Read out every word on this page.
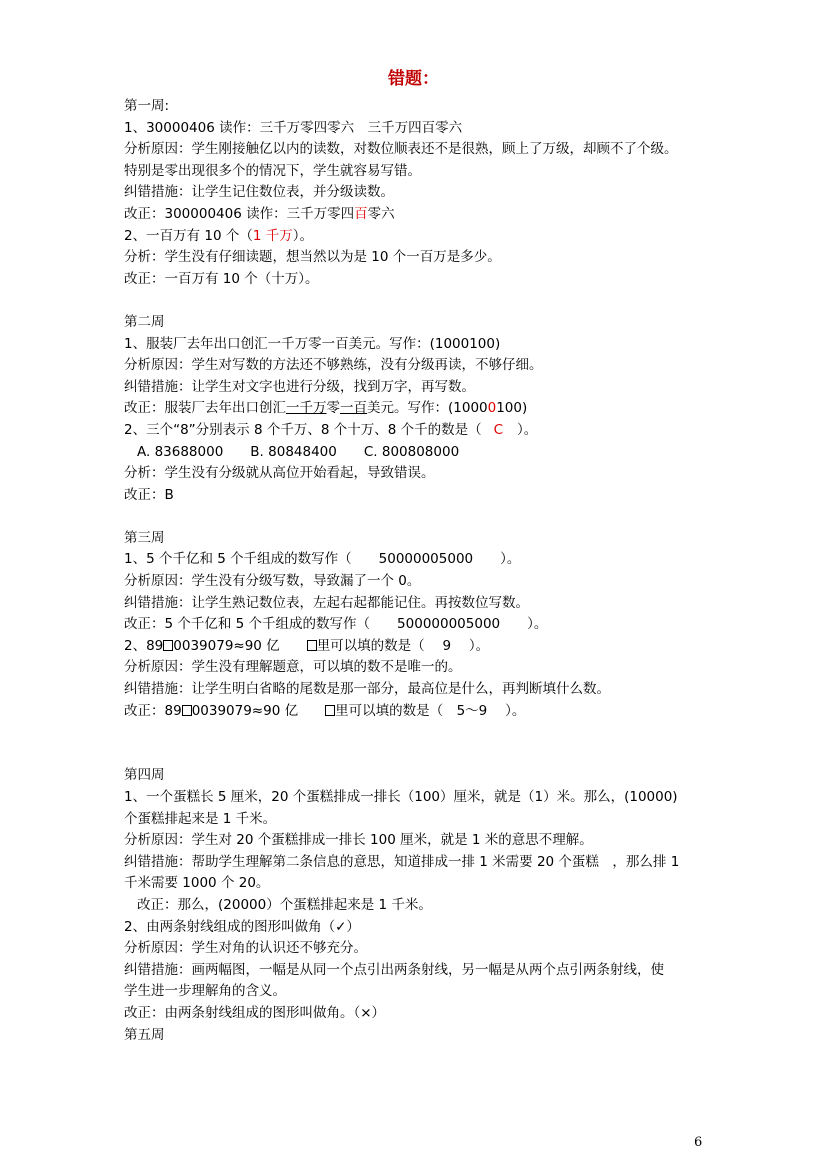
错题：
第一周:
1、30000406 读作：三千万零四零六　三千万四百零六
分析原因：学生刚接触亿以内的读数，对数位顺表还不是很熟，顾上了万级，却顾不了个级。
特别是零出现很多个的情况下，学生就容易写错。
纠错措施：让学生记住数位表，并分级读数。
改正：300000406 读作：三千万零四百零六
2、一百万有 10 个（1 千万）。
分析：学生没有仔细读题，想当然以为是 10 个一百万是多少。
改正：一百万有 10 个（十万）。
第二周
1、服装厂去年出口创汇一千万零一百美元。写作：(1000100)
分析原因：学生对写数的方法还不够熟练，没有分级再读，不够仔细。
纠错措施：让学生对文字也进行分级，找到万字，再写数。
改正：服装厂去年出口创汇一千万零一百美元。写作：(10000100)
2、三个“8”分别表示 8 个千万、8 个十万、8 个千的数是（ C ）。
A. 83688000　　B. 80848400　　C. 800808000
分析：学生没有分级就从高位开始看起，导致错误。
改正：B
第三周
1、5 个千亿和 5 个千组成的数写作（　　50000005000　　）。
分析原因：学生没有分级写数，导致漏了一个 0。
纠错措施：让学生熟记数位表，左起右起都能记住。再按数位写数。
改正：5 个千亿和 5 个千组成的数写作（　　500000005000　　）。
2、89 0039079≈90 亿　　里可以填的数是（　 9　 ）。
分析原因：学生没有理解题意，可以填的数不是唯一的。
纠错措施：让学生明白省略的尾数是那一部分，最高位是什么，再判断填什么数。
改正：89 0039079≈90 亿　　里可以填的数是（　5～9　 ）。
第四周
1、一个蛋糕长 5 厘米，20 个蛋糕排成一排长（100）厘米，就是（1）米。那么，(10000)
个蛋糕排起来是 1 千米。
分析原因：学生对 20 个蛋糕排成一排长 100 厘米，就是 1 米的意思不理解。
纠错措施：帮助学生理解第二条信息的意思，知道排成一排 1 米需要 20 个蛋糕　，那么排 1
千米需要 1000 个 20。
改正：那么，(20000）个蛋糕排起来是 1 千米。
2、由两条射线组成的图形叫做角（✓）
分析原因：学生对角的认识还不够充分。
纠错措施：画两幅图，一幅是从同一个点引出两条射线，另一幅是从两个点引两条射线，使
学生进一步理解角的含义。
改正：由两条射线组成的图形叫做角。（×）
第五周
6
